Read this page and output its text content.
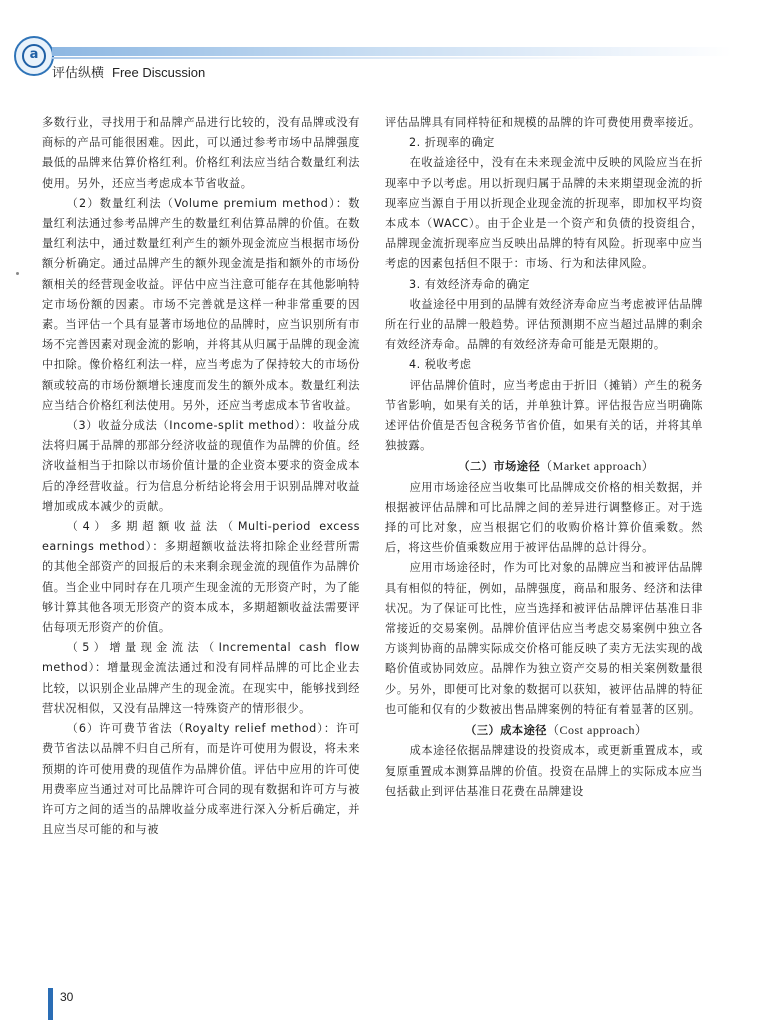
a
评估纵横 Free Discussion

多数行业，寻找用于和品牌产品进行比较的，没有品牌或没有商标的产品可能很困难。因此，可以通过参考市场中品牌强度最低的品牌来估算价格红利。价格红利法应当结合数量红利法使用。另外，还应当考虑成本节省收益。

（2）数量红利法（Volume premium method）：数量红利法通过参考品牌产生的数量红利估算品牌的价值。在数量红利法中，通过数量红利产生的额外现金流应当根据市场份额分析确定。通过品牌产生的额外现金流是指和额外的市场份额相关的经营现金收益。评估中应当注意可能存在其他影响特定市场份额的因素。市场不完善就是这样一种非常重要的因素。当评估一个具有显著市场地位的品牌时，应当识别所有市场不完善因素对现金流的影响，并将其从归属于品牌的现金流中扣除。像价格红利法一样，应当考虑为了保持较大的市场份额或较高的市场份额增长速度而发生的额外成本。数量红利法应当结合价格红利法使用。另外，还应当考虑成本节省收益。

（3）收益分成法（Income-split method）：收益分成法将归属于品牌的那部分经济收益的现值作为品牌的价值。经济收益相当于扣除以市场价值计量的企业资本要求的资金成本后的净经营收益。行为信息分析结论将会用于识别品牌对收益增加或成本减少的贡献。

（4）多期超额收益法（Multi-period excess earnings method）：多期超额收益法将扣除企业经营所需的其他全部资产的回报后的未来剩余现金流的现值作为品牌价值。当企业中同时存在几项产生现金流的无形资产时，为了能够计算其他各项无形资产的资本成本，多期超额收益法需要评估每项无形资产的价值。

（5）增量现金流法（Incremental cash flow method）：增量现金流法通过和没有同样品牌的可比企业去比较，以识别企业品牌产生的现金流。在现实中，能够找到经营状况相似，又没有品牌这一特殊资产的情形很少。

（6）许可费节省法（Royalty relief method）：许可费节省法以品牌不归自己所有，而是许可使用为假设，将未来预期的许可使用费的现值作为品牌价值。评估中应用的许可使用费率应当通过对可比品牌许可合同的现有数据和许可方与被许可方之间的适当的品牌收益分成率进行深入分析后确定，并且应当尽可能的和与被

评估品牌具有同样特征和规模的品牌的许可费使用费率接近。

2. 折现率的确定

在收益途径中，没有在未来现金流中反映的风险应当在折现率中予以考虑。用以折现归属于品牌的未来期望现金流的折现率应当源自于用以折现企业现金流的折现率，即加权平均资本成本（WACC）。由于企业是一个资产和负债的投资组合，品牌现金流折现率应当反映出品牌的特有风险。折现率中应当考虑的因素包括但不限于：市场、行为和法律风险。

3. 有效经济寿命的确定

收益途径中用到的品牌有效经济寿命应当考虑被评估品牌所在行业的品牌一般趋势。评估预测期不应当超过品牌的剩余有效经济寿命。品牌的有效经济寿命可能是无限期的。

4. 税收考虑

评估品牌价值时，应当考虑由于折旧（摊销）产生的税务节省影响，如果有关的话，并单独计算。评估报告应当明确陈述评估价值是否包含税务节省价值，如果有关的话，并将其单独披露。

（二）市场途径（Market approach）

应用市场途径应当收集可比品牌成交价格的相关数据，并根据被评估品牌和可比品牌之间的差异进行调整修正。对于选择的可比对象，应当根据它们的收购价格计算价值乘数。然后，将这些价值乘数应用于被评估品牌的总计得分。

应用市场途径时，作为可比对象的品牌应当和被评估品牌具有相似的特征，例如，品牌强度，商品和服务、经济和法律状况。为了保证可比性，应当选择和被评估品牌评估基准日非常接近的交易案例。品牌价值评估应当考虑交易案例中独立各方谈判协商的品牌实际成交价格可能反映了卖方无法实现的战略价值或协同效应。品牌作为独立资产交易的相关案例数量很少。另外，即便可比对象的数据可以获知，被评估品牌的特征也可能和仅有的少数被出售品牌案例的特征有着显著的区别。

（三）成本途径（Cost approach）

成本途径依据品牌建设的投资成本，或更新重置成本，或复原重置成本测算品牌的价值。投资在品牌上的实际成本应当包括截止到评估基准日花费在品牌建设

30
